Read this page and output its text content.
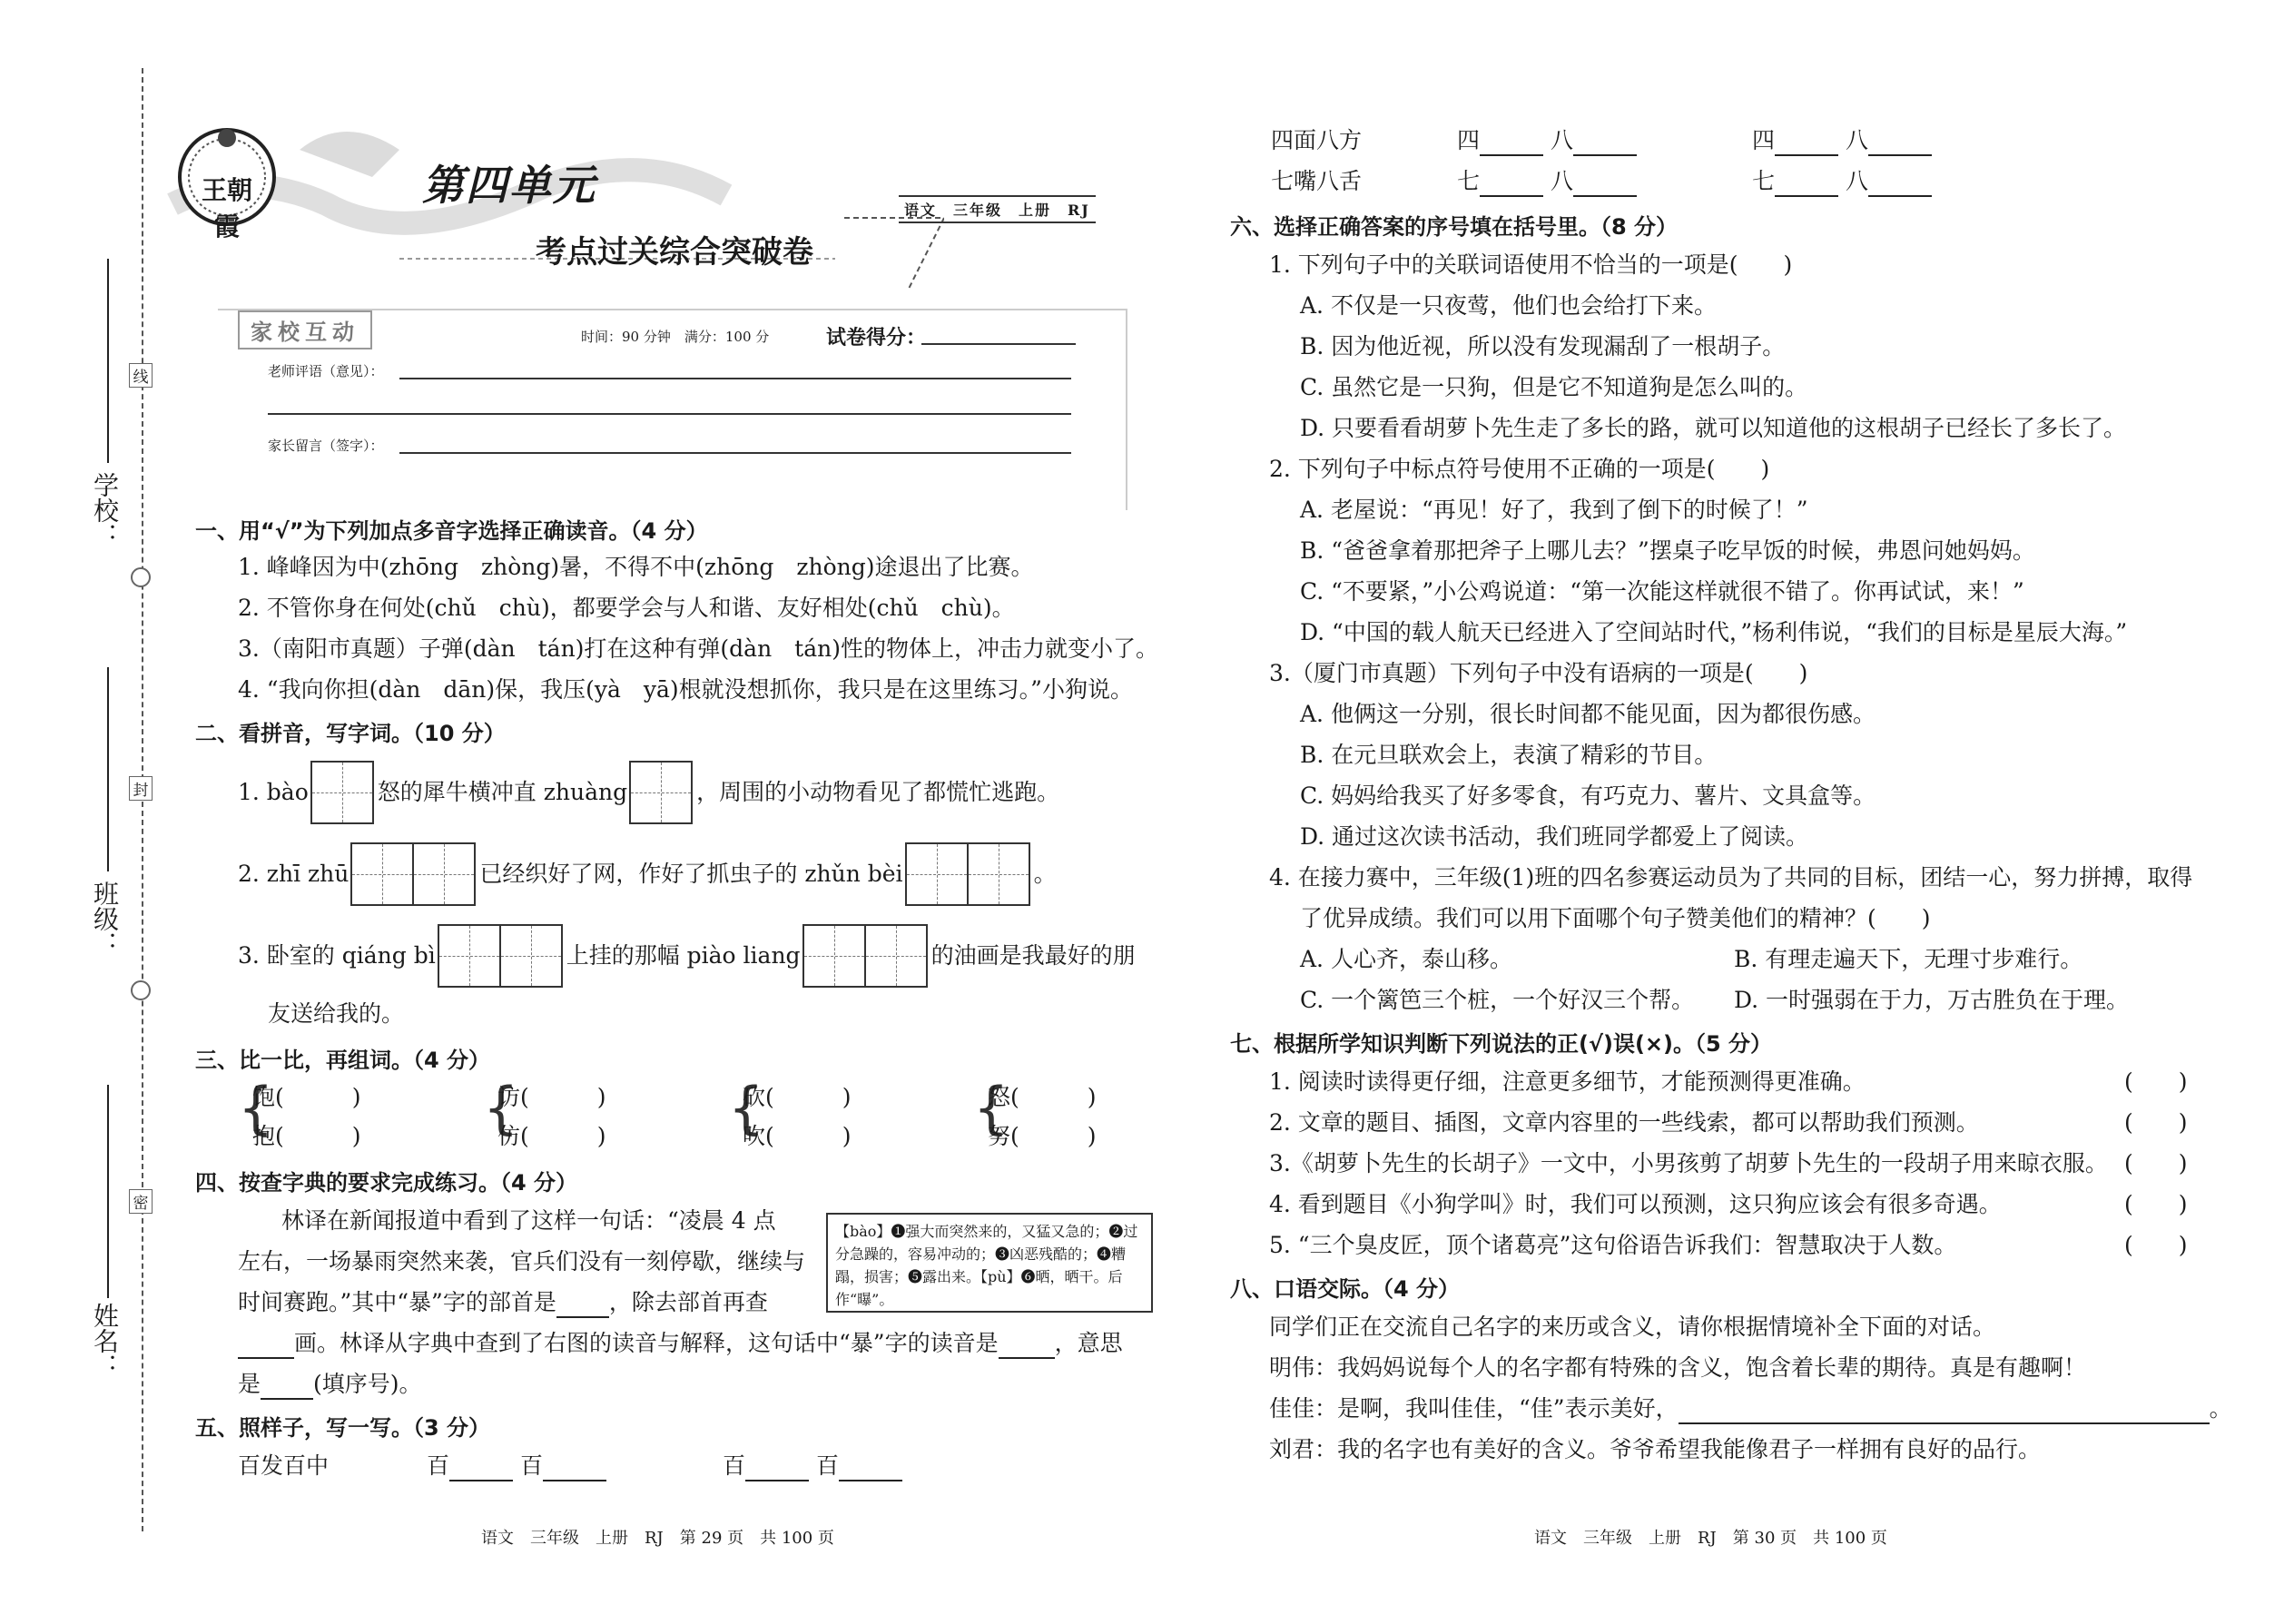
线
封
密
学校：
班级：
姓名：
王朝霞
第四单元
考点过关综合突破卷
语文　三年级　上册　RJ
家校互动	时间：90 分钟　满分：100 分	试卷得分：
老师评语（意见）：
家长留言（签字）：
一、用“√”为下列加点多音字选择正确读音。（4 分）
1. 峰峰因为中(zhōng　zhòng)暑，不得不中(zhōng　zhòng)途退出了比赛。
2. 不管你身在何处(chǔ　chù)，都要学会与人和谐、友好相处(chǔ　chù)。
3.（南阳市真题）子弹(dàn　tán)打在这种有弹(dàn　tán)性的物体上，冲击力就变小了。
4. “我向你担(dàn　dān)保，我压(yà　yā)根就没想抓你，我只是在这里练习。”小狗说。
二、看拼音，写字词。（10 分）
1. bào	怒的犀牛横冲直 zhuàng	，周围的小动物看见了都慌忙逃跑。
2. zhī zhū	已经织好了网，作好了抓虫子的 zhǔn bèi	。
3. 卧室的 qiáng bì	上挂的那幅 piào liang	的油画是我最好的朋
友送给我的。
三、比一比，再组词。（4 分）
{
饱(　　　)
抱(　　　) {
访(　　　)
仿(　　　) {
砍(　　　)
吹(　　　) {
怒(　　　)
努(　　　)
四、按查字典的要求完成练习。（4 分）
林译在新闻报道中看到了这样一句话：“凌晨 4 点
左右，一场暴雨突然来袭，官兵们没有一刻停歇，继续与
时间赛跑。”其中“暴”字的部首是 ，除去部首再查
画。林译从字典中查到了右图的读音与解释，这句话中“暴”字的读音是 ，意思
是 (填序号)。
【bào】❶强大而突然来的，又猛又急的；❷过分急躁的，容易冲动的；❸凶恶残酷的；❹糟蹋，损害；❺露出来。【pù】❻晒，晒干。后作“曝”。
五、照样子，写一写。（3 分）
百发百中	百	百	百	百
语文　三年级　上册　RJ　第 29 页　共 100 页
四面八方	四	八	四	八
七嘴八舌	七	八	七	八
六、选择正确答案的序号填在括号里。（8 分）
1. 下列句子中的关联词语使用不恰当的一项是(　　)
A. 不仅是一只夜莺，他们也会给打下来。
B. 因为他近视，所以没有发现漏刮了一根胡子。
C. 虽然它是一只狗，但是它不知道狗是怎么叫的。
D. 只要看看胡萝卜先生走了多长的路，就可以知道他的这根胡子已经长了多长了。
2. 下列句子中标点符号使用不正确的一项是(　　)
A. 老屋说：“再见！好了，我到了倒下的时候了！”
B. “爸爸拿着那把斧子上哪儿去？”摆桌子吃早饭的时候，弗恩问她妈妈。
C. “不要紧，”小公鸡说道：“第一次能这样就很不错了。你再试试，来！”
D. “中国的载人航天已经进入了空间站时代，”杨利伟说，“我们的目标是星辰大海。”
3.（厦门市真题）下列句子中没有语病的一项是(　　)
A. 他俩这一分别，很长时间都不能见面，因为都很伤感。
B. 在元旦联欢会上，表演了精彩的节目。
C. 妈妈给我买了好多零食，有巧克力、薯片、文具盒等。
D. 通过这次读书活动，我们班同学都爱上了阅读。
4. 在接力赛中，三年级(1)班的四名参赛运动员为了共同的目标，团结一心，努力拼搏，取得
了优异成绩。我们可以用下面哪个句子赞美他们的精神？(　　)
A. 人心齐，泰山移。	B. 有理走遍天下，无理寸步难行。
C. 一个篱笆三个桩，一个好汉三个帮。 D. 一时强弱在于力，万古胜负在于理。
七、根据所学知识判断下列说法的正(√)误(×)。（5 分）
1. 阅读时读得更仔细，注意更多细节，才能预测得更准确。	(　　)
2. 文章的题目、插图，文章内容里的一些线索，都可以帮助我们预测。	(　　)
3.《胡萝卜先生的长胡子》一文中，小男孩剪了胡萝卜先生的一段胡子用来晾衣服。 (　　)
4. 看到题目《小狗学叫》时，我们可以预测，这只狗应该会有很多奇遇。	(　　)
5. “三个臭皮匠，顶个诸葛亮”这句俗语告诉我们：智慧取决于人数。	(　　)
八、口语交际。（4 分）
同学们正在交流自己名字的来历或含义，请你根据情境补全下面的对话。
明伟：我妈妈说每个人的名字都有特殊的含义，饱含着长辈的期待。真是有趣啊！
佳佳：是啊，我叫佳佳，“佳”表示美好，	。
刘君：我的名字也有美好的含义。爷爷希望我能像君子一样拥有良好的品行。
语文　三年级　上册　RJ　第 30 页　共 100 页
